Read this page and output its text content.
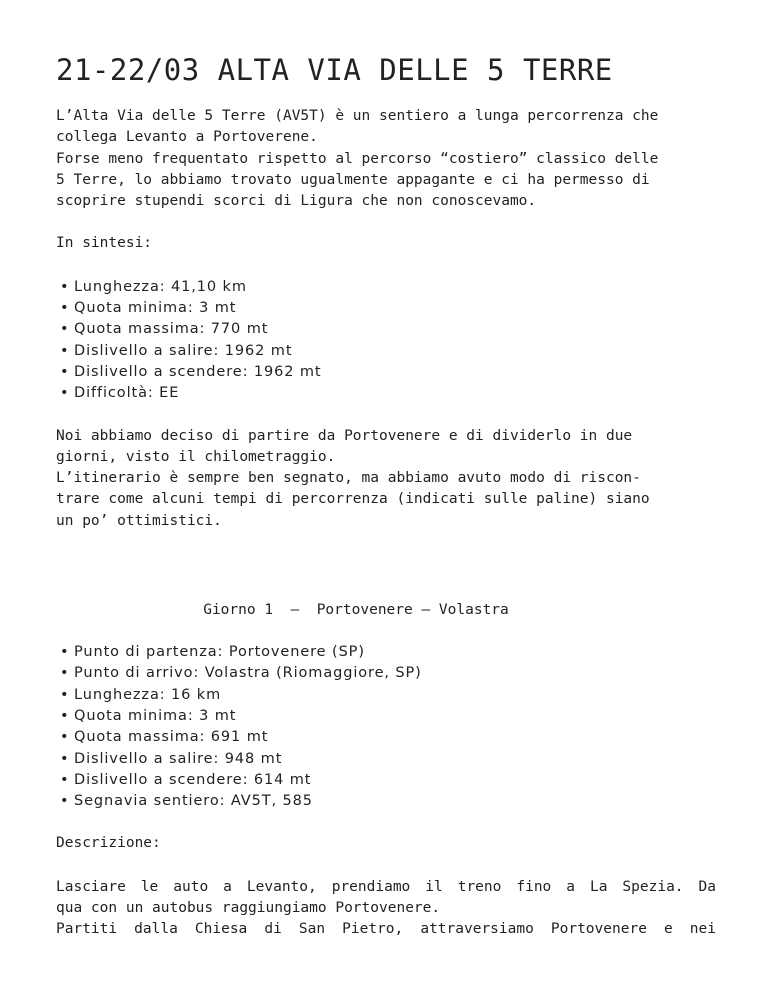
21-22/03 ALTA VIA DELLE 5 TERRE

L’Alta Via delle 5 Terre (AV5T) è un sentiero a lunga percorrenza che
collega Levanto a Portoverene.
Forse meno frequentato rispetto al percorso “costiero” classico delle
5 Terre, lo abbiamo trovato ugualmente appagante e ci ha permesso di
scoprire stupendi scorci di Ligura che non conoscevamo.

In sintesi:

• Lunghezza: 41,10 km
• Quota minima: 3 mt
• Quota massima: 770 mt
• Dislivello a salire: 1962 mt
• Dislivello a scendere: 1962 mt
• Difficoltà: EE

Noi abbiamo deciso di partire da Portovenere e di dividerlo in due
giorni, visto il chilometraggio.
L’itinerario è sempre ben segnato, ma abbiamo avuto modo di riscon-
trare come alcuni tempi di percorrenza (indicati sulle paline) siano
un po’ ottimistici.

Giorno 1  –  Portovenere – Volastra
• Punto di partenza: Portovenere (SP)
• Punto di arrivo: Volastra (Riomaggiore, SP)
• Lunghezza: 16 km
• Quota minima: 3 mt
• Quota massima: 691 mt
• Dislivello a salire: 948 mt
• Dislivello a scendere: 614 mt
• Segnavia sentiero: AV5T, 585

Descrizione:

Lasciare le auto a Levanto, prendiamo il treno fino a La Spezia. Da
qua con un autobus raggiungiamo Portovenere.
Partiti dalla Chiesa di San Pietro, attraversiamo Portovenere e nei
